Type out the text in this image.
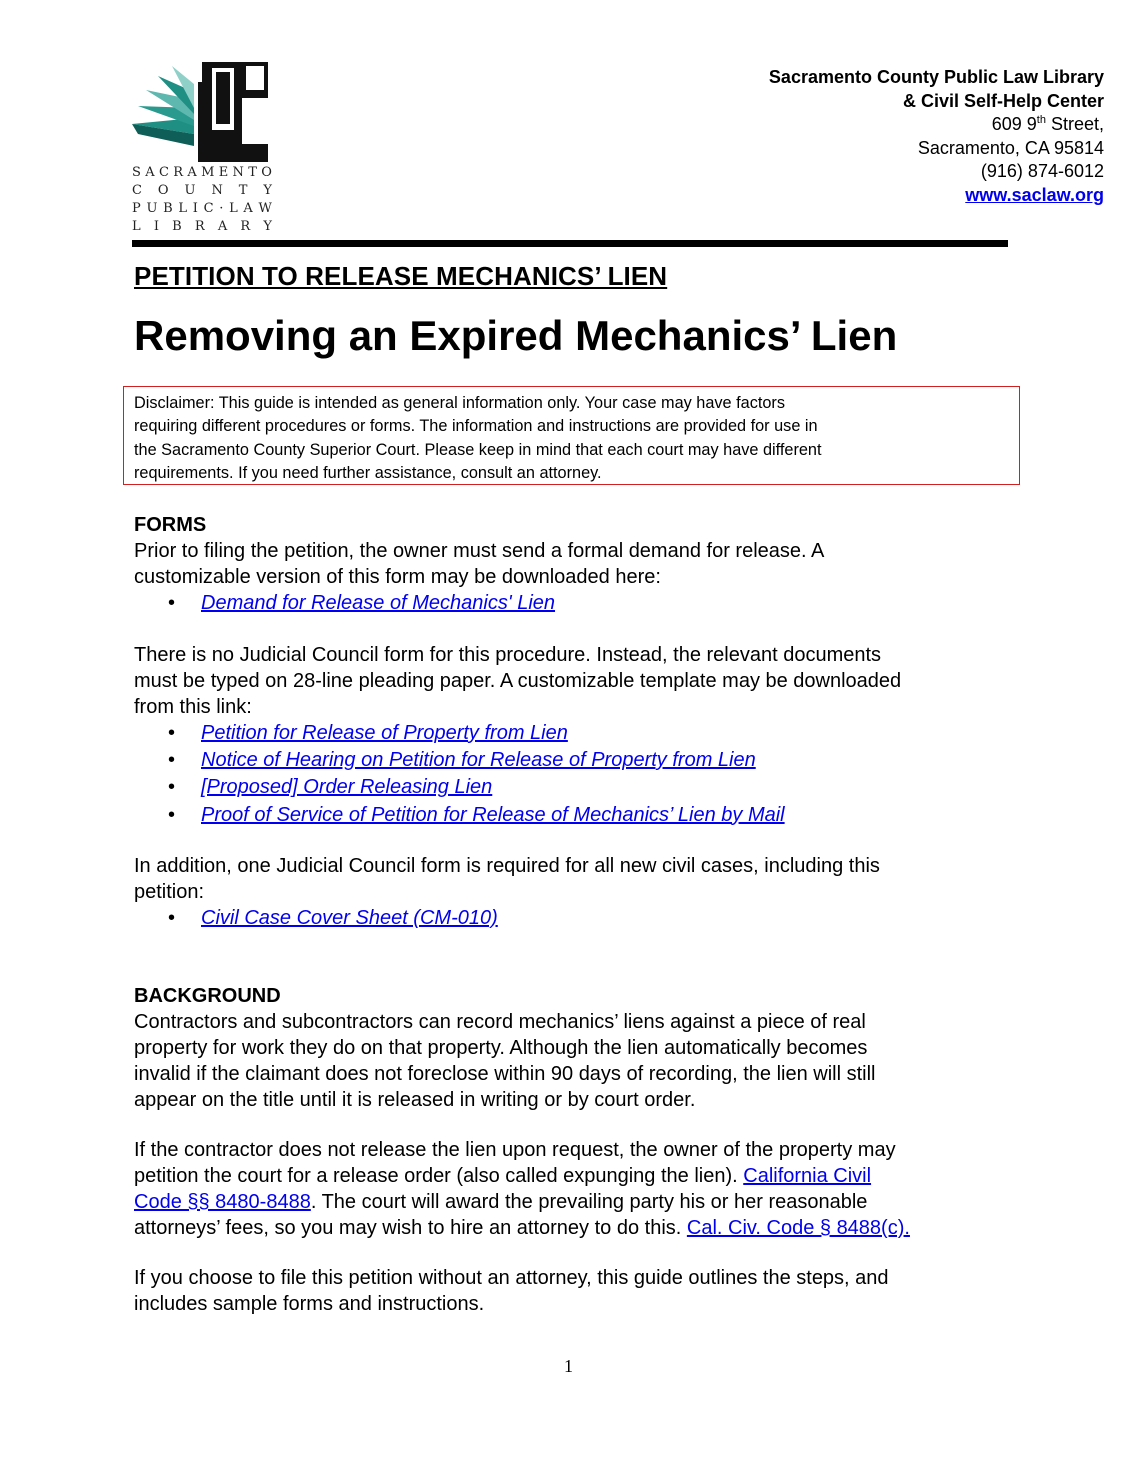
S A C R A M E N T O
C O U N T Y
P U B L I C · L A W
L I B R A R Y
Sacramento County Public Law Library
& Civil Self-Help Center
609 9th Street,
Sacramento, CA 95814
(916) 874-6012
www.saclaw.org
PETITION TO RELEASE MECHANICS’ LIEN
Removing an Expired Mechanics’ Lien
Disclaimer: This guide is intended as general information only. Your case may have factors
requiring different procedures or forms. The information and instructions are provided for use in
the Sacramento County Superior Court. Please keep in mind that each court may have different
requirements. If you need further assistance, consult an attorney.
FORMS
Prior to filing the petition, the owner must send a formal demand for release. A
customizable version of this form may be downloaded here:
• Demand for Release of Mechanics' Lien
There is no Judicial Council form for this procedure. Instead, the relevant documents
must be typed on 28-line pleading paper. A customizable template may be downloaded
from this link:
• Petition for Release of Property from Lien
• Notice of Hearing on Petition for Release of Property from Lien
• [Proposed] Order Releasing Lien
• Proof of Service of Petition for Release of Mechanics’ Lien by Mail
In addition, one Judicial Council form is required for all new civil cases, including this
petition:
• Civil Case Cover Sheet (CM-010)
BACKGROUND
Contractors and subcontractors can record mechanics’ liens against a piece of real
property for work they do on that property. Although the lien automatically becomes
invalid if the claimant does not foreclose within 90 days of recording, the lien will still
appear on the title until it is released in writing or by court order.
If the contractor does not release the lien upon request, the owner of the property may
petition the court for a release order (also called expunging the lien). California Civil
Code §§ 8480-8488. The court will award the prevailing party his or her reasonable
attorneys’ fees, so you may wish to hire an attorney to do this. Cal. Civ. Code § 8488(c).
If you choose to file this petition without an attorney, this guide outlines the steps, and
includes sample forms and instructions.
1
